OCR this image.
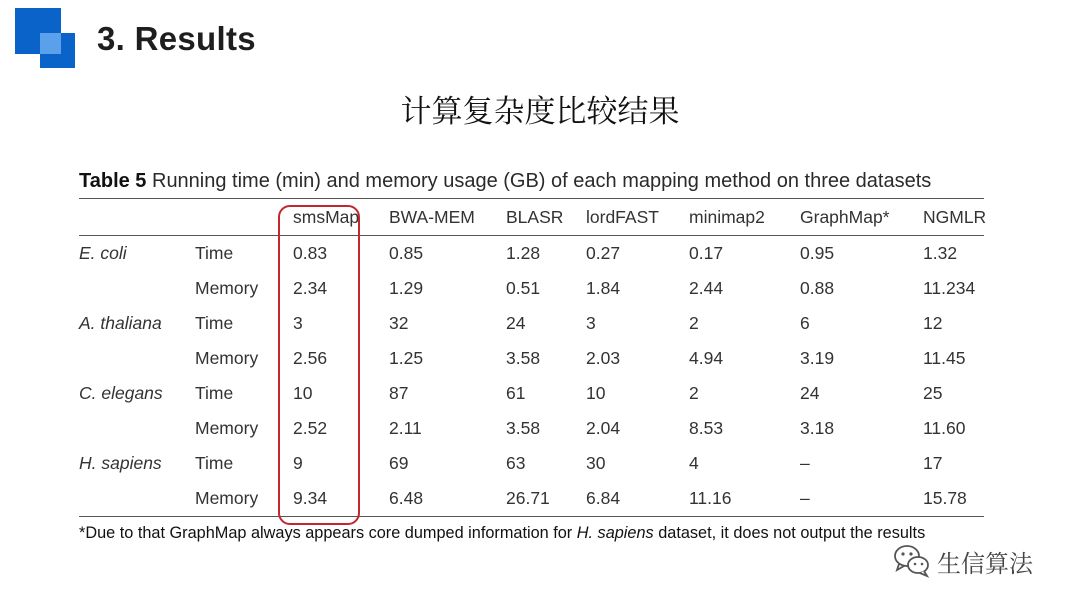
3. Results
计算复杂度比较结果
Table 5 Running time (min) and memory usage (GB) of each mapping method on three datasets
		smsMap	BWA-MEM	BLASR	lordFAST	minimap2	GraphMap*	NGMLR
E. coli	Time	0.83	0.85	1.28	0.27	0.17	0.95	1.32
	Memory	2.34	1.29	0.51	1.84	2.44	0.88	11.234
A. thaliana	Time	3	32	24	3	2	6	12
	Memory	2.56	1.25	3.58	2.03	4.94	3.19	11.45
C. elegans	Time	10	87	61	10	2	24	25
	Memory	2.52	2.11	3.58	2.04	8.53	3.18	11.60
H. sapiens	Time	9	69	63	30	4	–	17
	Memory	9.34	6.48	26.71	6.84	11.16	–	15.78
*Due to that GraphMap always appears core dumped information for H. sapiens dataset, it does not output the results
生信算法
